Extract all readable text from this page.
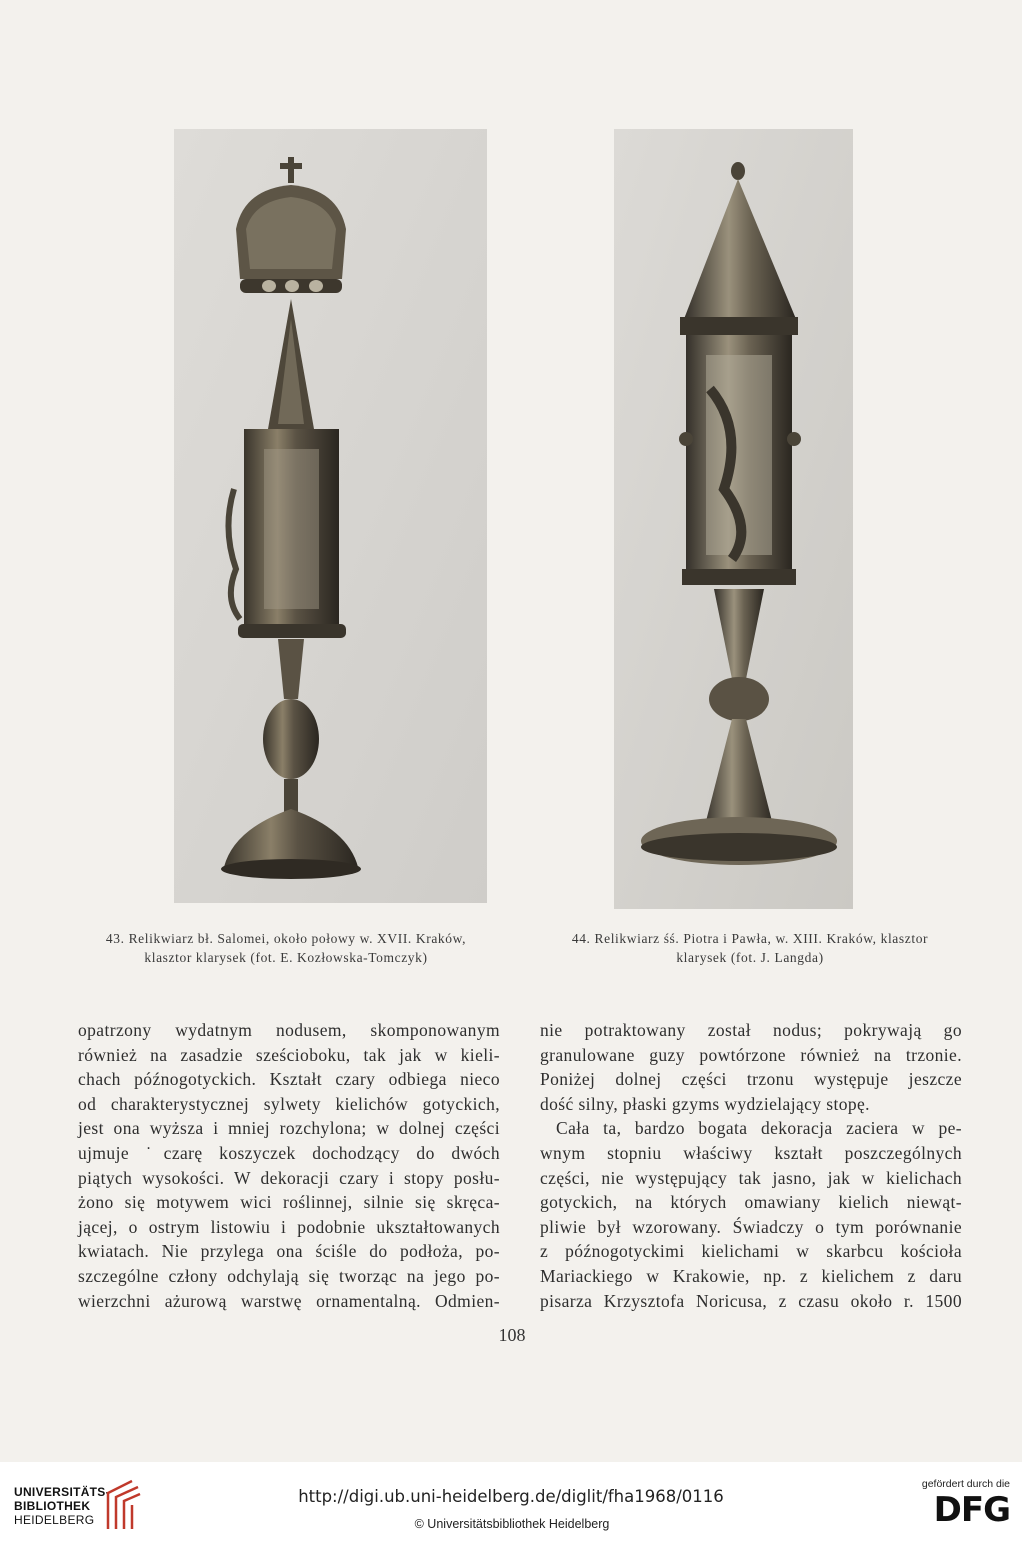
43. Relikwiarz bł. Salomei, około połowy w. XVII. Kraków,
klasztor klarysek (fot. E. Kozłowska-Tomczyk)
44. Relikwiarz śś. Piotra i Pawła, w. XIII. Kraków, klasztor
klarysek (fot. J. Langda)
opatrzony wydatnym nodusem, skomponowanym
również na zasadzie sześcioboku, tak jak w kieli-
chach późnogotyckich. Kształt czary odbiega nieco
od charakterystycznej sylwety kielichów gotyckich,
jest ona wyższa i mniej rozchylona; w dolnej części
ujmuje ˙czarę koszyczek dochodzący do dwóch
piątych wysokości. W dekoracji czary i stopy posłu-
żono się motywem wici roślinnej, silnie się skręca-
jącej, o ostrym listowiu i podobnie ukształtowanych
kwiatach. Nie przylega ona ściśle do podłoża, po-
szczególne człony odchylają się tworząc na jego po-
wierzchni ażurową warstwę ornamentalną. Odmien-
nie potraktowany został nodus; pokrywają go
granulowane guzy powtórzone również na trzonie.
Poniżej dolnej części trzonu występuje jeszcze
dość silny, płaski gzyms wydzielający stopę.
Cała ta, bardzo bogata dekoracja zaciera w pe-
wnym stopniu właściwy kształt poszczególnych
części, nie występujący tak jasno, jak w kielichach
gotyckich, na których omawiany kielich niewąt-
pliwie był wzorowany. Świadczy o tym porównanie
z późnogotyckimi kielichami w skarbcu kościoła
Mariackiego w Krakowie, np. z kielichem z daru
pisarza Krzysztofa Noricusa, z czasu około r. 1500
108
UNIVERSITÄTS-
BIBLIOTHEK
HEIDELBERG
http://digi.ub.uni-heidelberg.de/diglit/fha1968/0116
© Universitätsbibliothek Heidelberg
gefördert durch die
DFG
